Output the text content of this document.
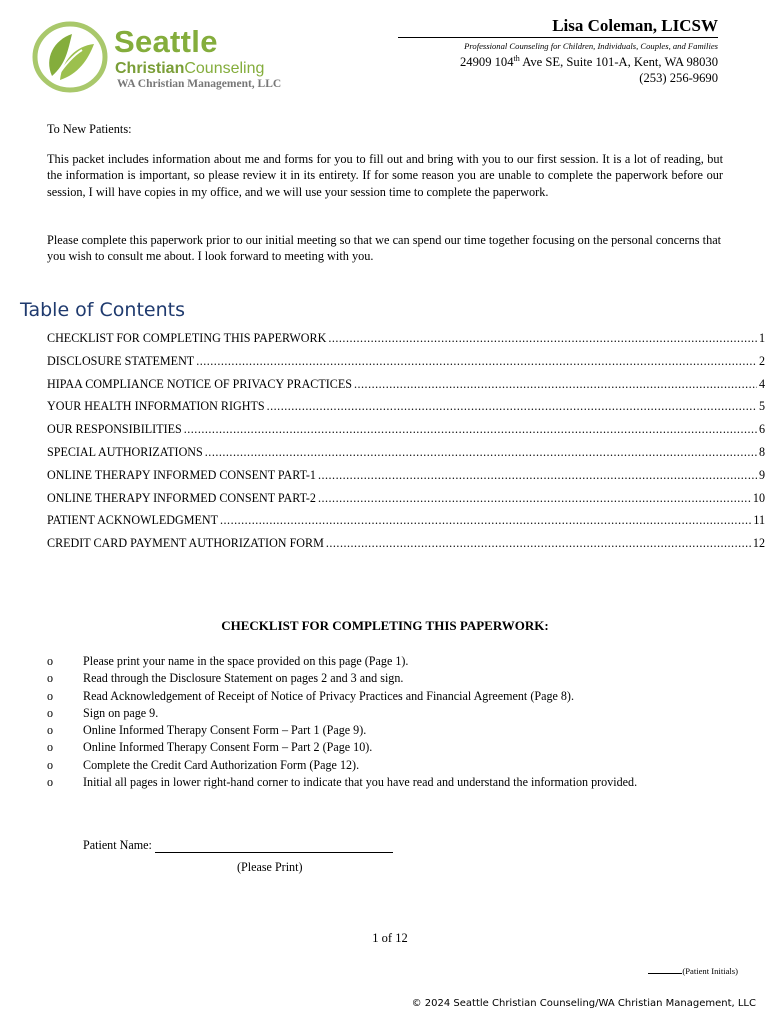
Seattle
ChristianCounseling
WA Christian Management, LLC
Lisa Coleman, LICSW
Professional Counseling for Children, Individuals, Couples, and Families
24909 104th Ave SE, Suite 101-A, Kent, WA 98030
(253) 256-9690
To New Patients:
This packet includes information about me and forms for you to fill out and bring with you to our first session. It is a lot of reading, but the information is important, so please review it in its entirety. If for some reason you are unable to complete the paperwork before our session, I will have copies in my office, and we will use your session time to complete the paperwork.
Please complete this paperwork prior to our initial meeting so that we can spend our time together focusing on the personal concerns that you wish to consult me about. I look forward to meeting with you.
Table of Contents
CHECKLIST FOR COMPLETING THIS PAPERWORK .....	1
DISCLOSURE STATEMENT .....	2
HIPAA COMPLIANCE NOTICE OF PRIVACY PRACTICES .....	4
YOUR HEALTH INFORMATION RIGHTS .....	5
OUR RESPONSIBILITIES .....	6
SPECIAL AUTHORIZATIONS .....	8
ONLINE THERAPY INFORMED CONSENT PART-1 .....	9
ONLINE THERAPY INFORMED CONSENT PART-2 .....	10
PATIENT ACKNOWLEDGMENT .....	11
CREDIT CARD PAYMENT AUTHORIZATION FORM .....	12
CHECKLIST FOR COMPLETING THIS PAPERWORK:
o	Please print your name in the space provided on this page (Page 1).
o	Read through the Disclosure Statement on pages 2 and 3 and sign.
o	Read Acknowledgement of Receipt of Notice of Privacy Practices and Financial Agreement (Page 8).
o	Sign on page 9.
o	Online Informed Therapy Consent Form – Part 1 (Page 9).
o	Online Informed Therapy Consent Form – Part 2 (Page 10).
o	Complete the Credit Card Authorization Form (Page 12).
o	Initial all pages in lower right-hand corner to indicate that you have read and understand the information provided.
Patient Name:
(Please Print)
1 of 12
(Patient Initials)
© 2024 Seattle Christian Counseling/WA Christian Management, LLC
